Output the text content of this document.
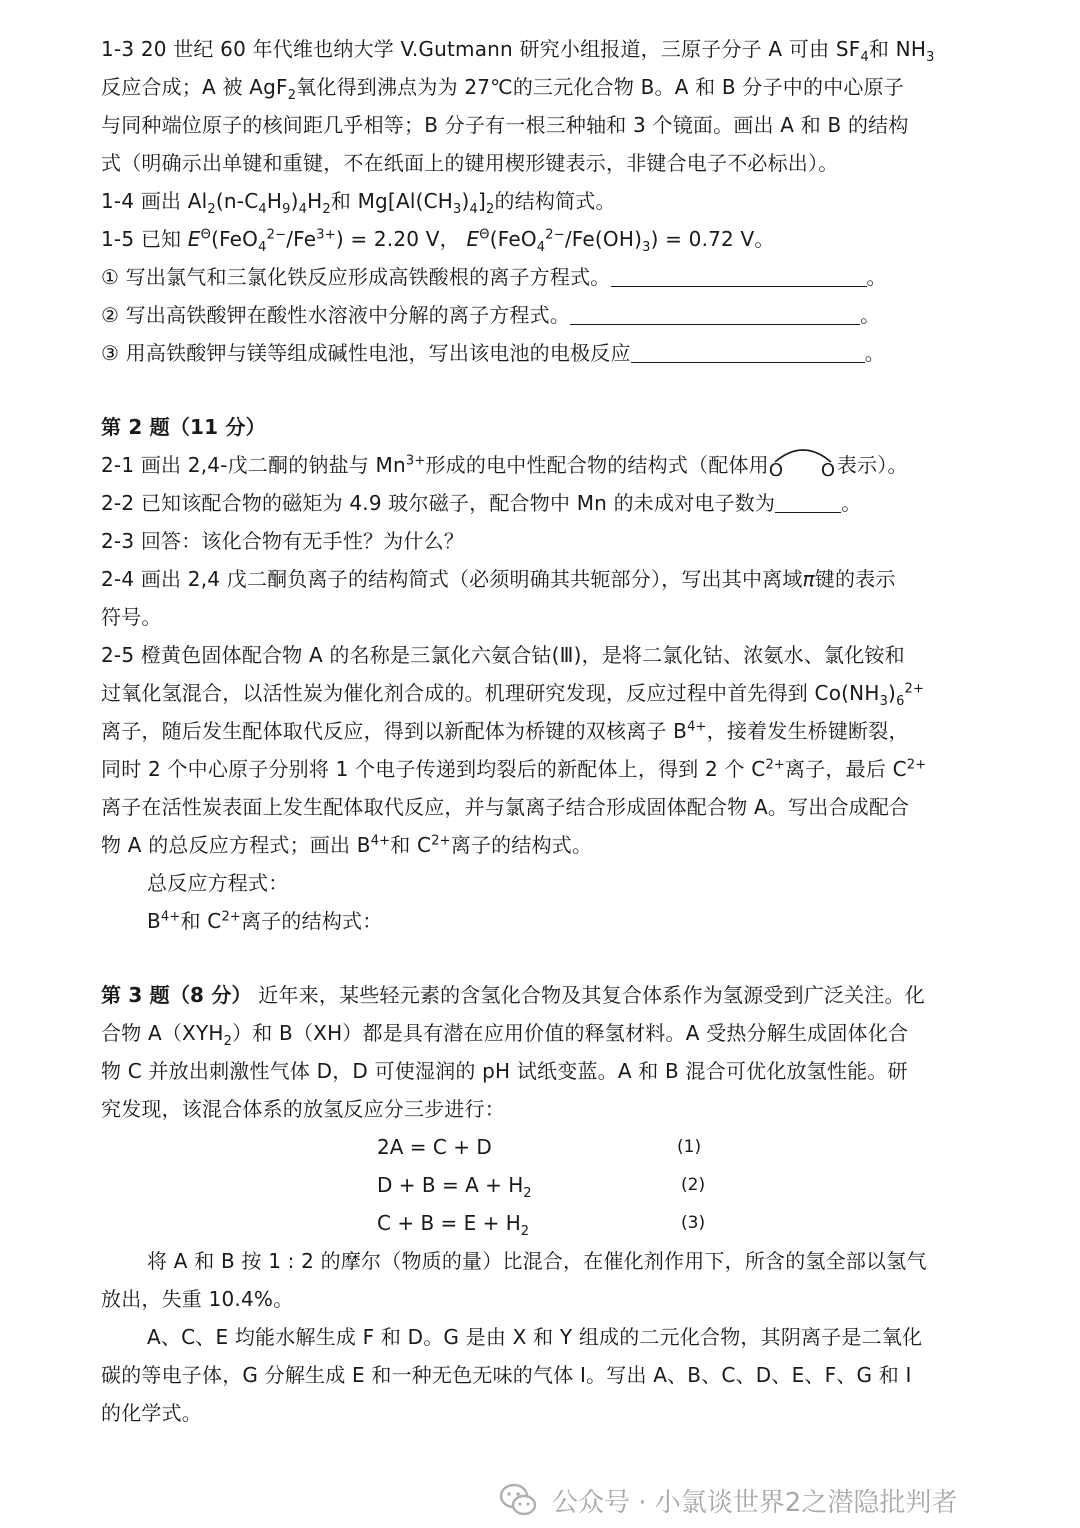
1-3 20 世纪 60 年代维也纳大学 V.Gutmann 研究小组报道，三原子分子 A 可由 $SF_4$和 $NH_3$
反应合成；A 被 AgF$_2$氧化得到沸点为为 27℃的三元化合物 B。A 和 B 分子中的中心原子
与同种端位原子的核间距几乎相等；B 分子有一根三种轴和 3 个镜面。画出 A 和 B 的结构
式（明确示出单键和重键，不在纸面上的键用楔形键表示，非键合电子不必标出）。
1-4 画出 $Al_2(n-C_4H_9)_4H_2$和 $Mg[Al(CH_3)_4]_2$的结构简式。
1-5 已知 $E^\Theta(FeO_4^{2-}/Fe^{3+}) = 2.20$ V， $E^\Theta(FeO_4^{2-}/Fe(OH)_3) = 0.72$ V。
① 写出氯气和三氯化铁反应形成高铁酸根的离子方程式。	。
② 写出高铁酸钾在酸性水溶液中分解的离子方程式。	。
③ 用高铁酸钾与镁等组成碱性电池，写出该电池的电极反应	。
第 2 题（11 分）
2-1 画出 2,4-戊二酮的钠盐与 $Mn^{3+}$形成的电中性配合物的结构式（配体用 O O 表示）。
2-2 已知该配合物的磁矩为 4.9 玻尔磁子，配合物中 Mn 的未成对电子数为	。
2-3 回答：该化合物有无手性？为什么？
2-4 画出 2,4 戊二酮负离子的结构简式（必须明确其共轭部分），写出其中离域π键的表示
符号。
2-5 橙黄色固体配合物 A 的名称是三氯化六氨合钴(Ⅲ)，是将二氯化钴、浓氨水、氯化铵和
过氧化氢混合，以活性炭为催化剂合成的。机理研究发现，反应过程中首先得到 $Co(NH_3)_6^{2+}$
离子，随后发生配体取代反应，得到以新配体为桥键的双核离子 $B^{4+}$，接着发生桥键断裂，
同时 2 个中心原子分别将 1 个电子传递到均裂后的新配体上，得到 2 个 $C^{2+}$离子，最后 $C^{2+}$
离子在活性炭表面上发生配体取代反应，并与氯离子结合形成固体配合物 A。写出合成配合
物 A 的总反应方程式；画出 $B^{4+}$和 $C^{2+}$离子的结构式。
总反应方程式：
$B^{4+}$和 $C^{2+}$离子的结构式：
第 3 题（8 分） 近年来，某些轻元素的含氢化合物及其复合体系作为氢源受到广泛关注。化
合物 $A(XYH_2)$和 B（XH）都是具有潜在应用价值的释氢材料。A 受热分解生成固体化合
物 C 并放出刺激性气体 D，D 可使湿润的 pH 试纸变蓝。A 和 B 混合可优化放氢性能。研
究发现，该混合体系的放氢反应分三步进行：
2A = C + D	(1)
$D + B = A + H_2$	(2)
$C + B = E + H_2$	(3)
将 A 和 B 按 1 : 2 的摩尔（物质的量）比混合，在催化剂作用下，所含的氢全部以氢气
放出，失重 10.4%。
A、C、E 均能水解生成 F 和 D。G 是由 X 和 Y 组成的二元化合物，其阴离子是二氧化
碳的等电子体，G 分解生成 E 和一种无色无味的气体 I。写出 A、B、C、D、E、F、G 和 I
的化学式。
公众号 · 小氯谈世界2之潜隐批判者
